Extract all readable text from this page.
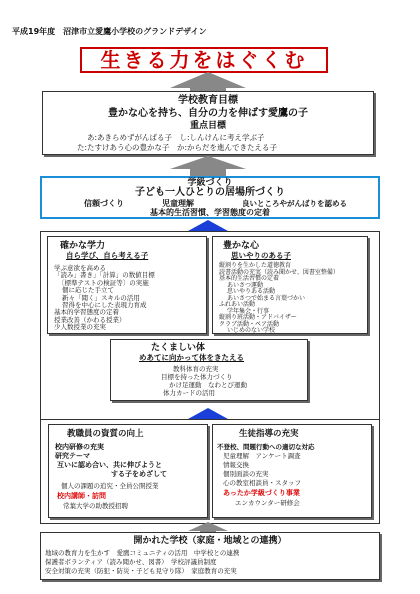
平成19年度　沼津市立愛鷹小学校のグランドデザイン
生きる力をはぐくむ
学校教育目標
豊かな心を持ち、自分の力を伸ばす愛鷹の子
重点目標
あ:あきらめずがんばる子　し:しんけんに考え学ぶ子
た:たすけあう心の豊かな子　か:からだを進んできたえる子
学級づくり
子ども一人ひとりの居場所づくり
信頼づくり	児童理解	良いところやがんばりを認める
基本的生活習慣、学習態度の定着
確かな学力
自ら学び、自ら考える子
学ぶ意欲を高める
「読み」書き」「計算」の数値目標
〔標準テストの検証等〕の実施
個に応じた手立て
新々「聞く」スキルの活用
習得を中心にした表現力育成
基本的学習態度の定着
授業改善（かわる授業）
少人数授業の充実
豊かな心
思いやりのある子
縦割りを生かした道徳教育
読書活動の充実（読み聞かせ、図書室整備）
基本的生活習慣の定着
あいさつ運動
思いやりある活動
あいさつで始まる言葉づかい
ふれあい活動
学年集会・行事
縦割り班活動・アドバイザー
クラブ活動・ペア活動
いじめのない学校
たくましい体
めあてに向かって体をきたえる
教科体育の充実
目標を持った体力づくり
かけ足運動　なわとび運動
体力カードの活用
教職員の資質の向上
校内研修の充実
研究テーマ
互いに認め合い、共に伸びようと
する子をめざして
個人の課題の追究・全員公開授業
校内講師・訪問
常葉大学の助教授招聘
生徒指導の充実
不登校、問題行動への適切な対応
児童理解　アンケート調査
情報交換
個別面談の充実
心の教室相談員・スタッフ
あったか学級づくり事業
エンカウンター研修会
開かれた学校（家庭・地域との連携）
地域の教育力を生かす　愛鷹コミュニティの活用　中学校との連携
保護者ボランティア（読み聞かせ、図書）　学校評議員制度
安全対策の充実（防犯・防災・子ども見守り隊）　家庭教育の充実
